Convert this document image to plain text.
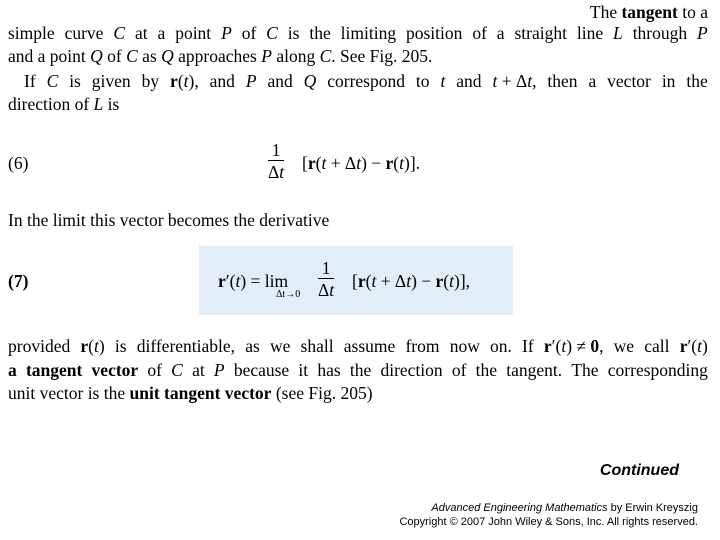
The tangent to a
simple curve C at a point P of C is the limiting position of a straight line L through P
and a point Q of C as Q approaches P along C. See Fig. 205.
If C is given by r(t), and P and Q correspond to t and t + Δt, then a vector in the
direction of L is
(6)
1
Δt [r(t + Δt) − r(t)].
In the limit this vector becomes the derivative
(7)	r′(t) = lim
Δt→0
1
Δt [r(t + Δt) − r(t)],
provided r(t) is differentiable, as we shall assume from now on. If r′(t) ≠ 0, we call r′(t)
a tangent vector of C at P because it has the direction of the tangent. The corresponding
unit vector is the unit tangent vector (see Fig. 205)
Continued
Advanced Engineering Mathematics by Erwin Kreyszig
Copyright © 2007 John Wiley & Sons, Inc. All rights reserved.
